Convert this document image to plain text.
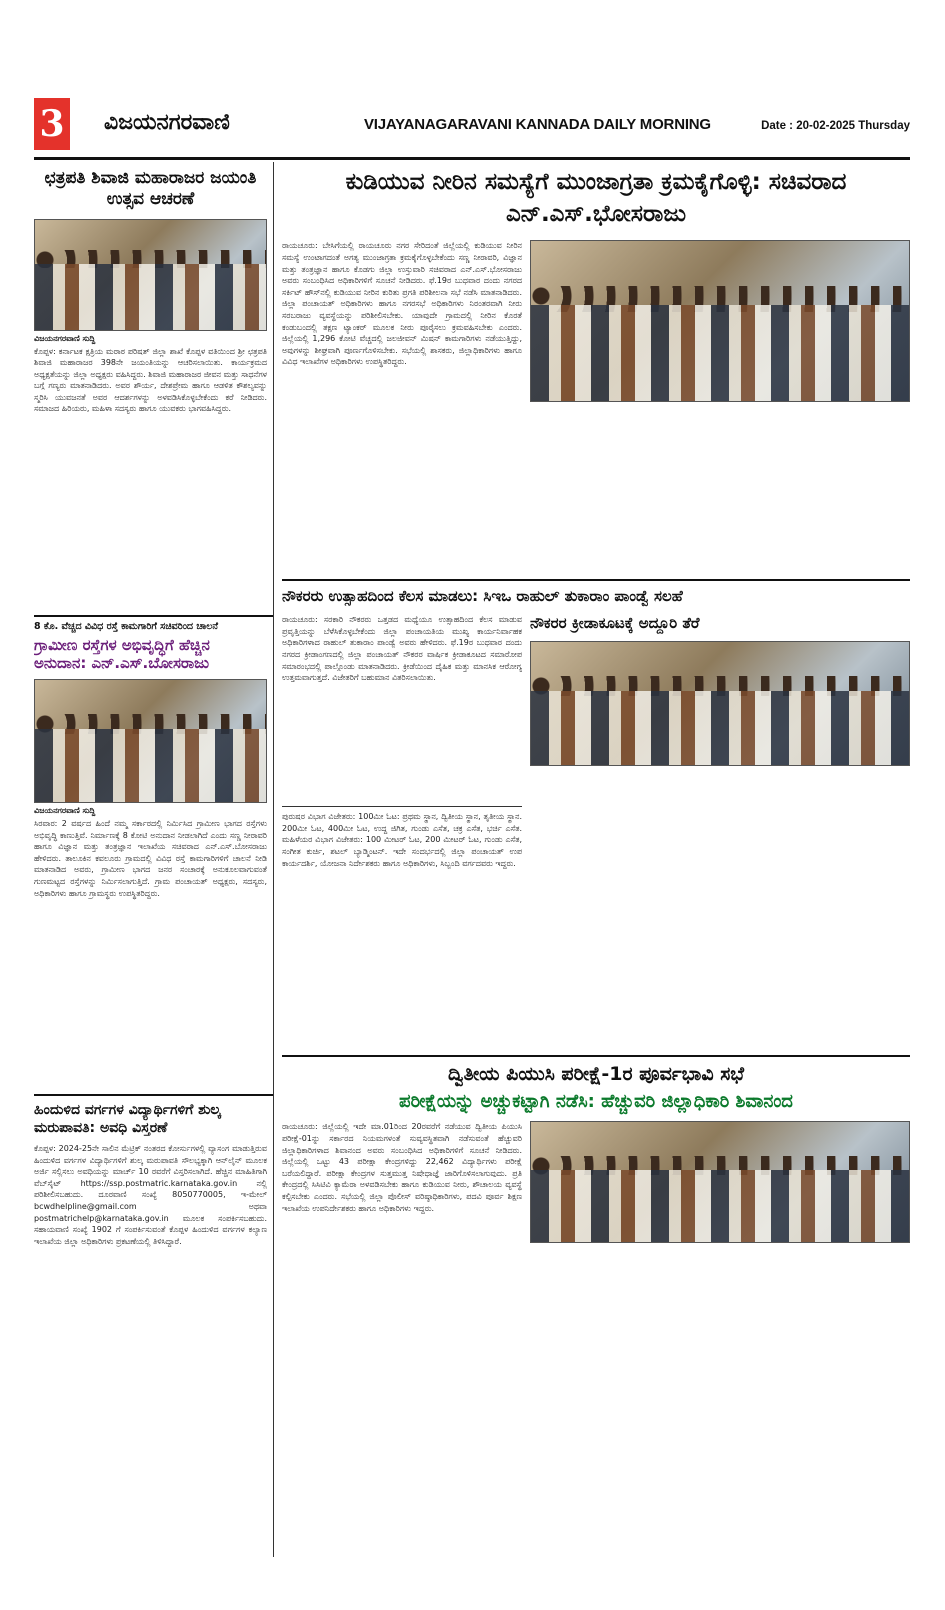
3 ವಿಜಯನಗರವಾಣಿ	VIJAYANAGARAVANI KANNADA DAILY MORNING	Date : 20-02-2025 Thursday
ಛತ್ರಪತಿ ಶಿವಾಜಿ ಮಹಾರಾಜರ ಜಯಂತಿ ಉತ್ಸವ ಆಚರಣೆ
ವಿಜಯನಗರವಾಣಿ ಸುದ್ದಿ

ಕೊಪ್ಪಳ: ಕರ್ನಾಟಕ ಕ್ಷತ್ರಿಯ ಮರಾಠ ಪರಿಷತ್ ಜಿಲ್ಲಾ ಶಾಖೆ ಕೊಪ್ಪಳ ವತಿಯಿಂದ ಶ್ರೀ ಛತ್ರಪತಿ ಶಿವಾಜಿ ಮಹಾರಾಜರ 398ನೇ ಜಯಂತಿಯನ್ನು ಆಚರಿಸಲಾಯಿತು. ಕಾರ್ಯಕ್ರಮದ ಅಧ್ಯಕ್ಷತೆಯನ್ನು ಜಿಲ್ಲಾ ಅಧ್ಯಕ್ಷರು ವಹಿಸಿದ್ದರು. ಶಿವಾಜಿ ಮಹಾರಾಜರ ಜೀವನ ಮತ್ತು ಸಾಧನೆಗಳ ಬಗ್ಗೆ ಗಣ್ಯರು ಮಾತನಾಡಿದರು. ಅವರ ಶೌರ್ಯ, ದೇಶಪ್ರೇಮ ಹಾಗೂ ಆಡಳಿತ ಕೌಶಲ್ಯವನ್ನು ಸ್ಮರಿಸಿ ಯುವಜನತೆ ಅವರ ಆದರ್ಶಗಳನ್ನು ಅಳವಡಿಸಿಕೊಳ್ಳಬೇಕೆಂದು ಕರೆ ನೀಡಿದರು. ಸಮಾಜದ ಹಿರಿಯರು, ಮಹಿಳಾ ಸದಸ್ಯರು ಹಾಗೂ ಯುವಕರು ಭಾಗವಹಿಸಿದ್ದರು.

8 ಕೊ. ವೆಚ್ಚದ ವಿವಿಧ ರಸ್ತೆ ಕಾಮಗಾರಿಗೆ ಸಚಿವರಿಂದ ಚಾಲನೆ
ಗ್ರಾಮೀಣ ರಸ್ತೆಗಳ ಅಭಿವೃದ್ಧಿಗೆ ಹೆಚ್ಚಿನ ಅನುದಾನ: ಎನ್.ಎಸ್.ಬೋಸರಾಜು
ವಿಜಯನಗರವಾಣಿ ಸುದ್ದಿ

ಸಿರವಾರ: 2 ವರ್ಷದ ಹಿಂದೆ ನಮ್ಮ ಸರ್ಕಾರದಲ್ಲಿ ನಿರ್ಮಿಸಿದ ಗ್ರಾಮೀಣ ಭಾಗದ ರಸ್ತೆಗಳು ಅಭಿವೃದ್ಧಿ ಕಾಣುತ್ತಿವೆ. ನಿರ್ಮಾಣಕ್ಕೆ 8 ಕೋಟಿ ಅನುದಾನ ನೀಡಲಾಗಿದೆ ಎಂದು ಸಣ್ಣ ನೀರಾವರಿ ಹಾಗೂ ವಿಜ್ಞಾನ ಮತ್ತು ತಂತ್ರಜ್ಞಾನ ಇಲಾಖೆಯ ಸಚಿವರಾದ ಎನ್.ಎಸ್.ಬೋಸರಾಜು ಹೇಳಿದರು. ತಾಲೂಕಿನ ಕವಲೂರು ಗ್ರಾಮದಲ್ಲಿ ವಿವಿಧ ರಸ್ತೆ ಕಾಮಗಾರಿಗಳಿಗೆ ಚಾಲನೆ ನೀಡಿ ಮಾತನಾಡಿದ ಅವರು, ಗ್ರಾಮೀಣ ಭಾಗದ ಜನರ ಸಂಚಾರಕ್ಕೆ ಅನುಕೂಲವಾಗುವಂತೆ ಗುಣಮಟ್ಟದ ರಸ್ತೆಗಳನ್ನು ನಿರ್ಮಿಸಲಾಗುತ್ತಿದೆ. ಗ್ರಾಮ ಪಂಚಾಯತ್ ಅಧ್ಯಕ್ಷರು, ಸದಸ್ಯರು, ಅಧಿಕಾರಿಗಳು ಹಾಗೂ ಗ್ರಾಮಸ್ಥರು ಉಪಸ್ಥಿತರಿದ್ದರು.

ಹಿಂದುಳಿದ ವರ್ಗಗಳ ವಿದ್ಯಾರ್ಥಿಗಳಿಗೆ ಶುಲ್ಕ ಮರುಪಾವತಿ: ಅವಧಿ ವಿಸ್ತರಣೆ

ಕೊಪ್ಪಳ: 2024-25ನೇ ಸಾಲಿನ ಮೆಟ್ರಿಕ್ ನಂತರದ ಕೋರ್ಸುಗಳಲ್ಲಿ ವ್ಯಾಸಂಗ ಮಾಡುತ್ತಿರುವ ಹಿಂದುಳಿದ ವರ್ಗಗಳ ವಿದ್ಯಾರ್ಥಿಗಳಿಗೆ ಶುಲ್ಕ ಮರುಪಾವತಿ ಸೌಲಭ್ಯಕ್ಕಾಗಿ ಆನ್‌ಲೈನ್ ಮೂಲಕ ಅರ್ಜಿ ಸಲ್ಲಿಸಲು ಅವಧಿಯನ್ನು ಮಾರ್ಚ್ 10 ರವರೆಗೆ ವಿಸ್ತರಿಸಲಾಗಿದೆ. ಹೆಚ್ಚಿನ ಮಾಹಿತಿಗಾಗಿ ವೆಬ್‌ಸೈಟ್ https://ssp.postmatric.karnataka.gov.in ನಲ್ಲಿ ಪರಿಶೀಲಿಸಬಹುದು. ದೂರವಾಣಿ ಸಂಖ್ಯೆ 8050770005, ಇ-ಮೇಲ್ bcwdhelpline@gmail.com ಅಥವಾ postmatrichelp@karnataka.gov.in ಮೂಲಕ ಸಂಪರ್ಕಿಸಬಹುದು. ಸಹಾಯವಾಣಿ ಸಂಖ್ಯೆ 1902 ಗೆ ಸಂಪರ್ಕಿಸುವಂತೆ ಕೊಪ್ಪಳ ಹಿಂದುಳಿದ ವರ್ಗಗಳ ಕಲ್ಯಾಣ ಇಲಾಖೆಯ ಜಿಲ್ಲಾ ಅಧಿಕಾರಿಗಳು ಪ್ರಕಟಣೆಯಲ್ಲಿ ತಿಳಿಸಿದ್ದಾರೆ.

ಕುಡಿಯುವ ನೀರಿನ ಸಮಸ್ಯೆಗೆ ಮುಂಜಾಗ್ರತಾ ಕ್ರಮಕೈಗೊಳ್ಳಿ: ಸಚಿವರಾದ ಎನ್.ಎಸ್.ಭೋಸರಾಜು

ರಾಯಚೂರು: ಬೇಸಿಗೆಯಲ್ಲಿ ರಾಯಚೂರು ನಗರ ಸೇರಿದಂತೆ ಜಿಲ್ಲೆಯಲ್ಲಿ ಕುಡಿಯುವ ನೀರಿನ ಸಮಸ್ಯೆ ಉಂಟಾಗದಂತೆ ಅಗತ್ಯ ಮುಂಜಾಗ್ರತಾ ಕ್ರಮಕೈಗೊಳ್ಳಬೇಕೆಂದು ಸಣ್ಣ ನೀರಾವರಿ, ವಿಜ್ಞಾನ ಮತ್ತು ತಂತ್ರಜ್ಞಾನ ಹಾಗೂ ಕೊಡಗು ಜಿಲ್ಲಾ ಉಸ್ತುವಾರಿ ಸಚಿವರಾದ ಎನ್.ಎಸ್.ಭೋಸರಾಜು ಅವರು ಸಂಬಂಧಿಸಿದ ಅಧಿಕಾರಿಗಳಿಗೆ ಸೂಚನೆ ನೀಡಿದರು. ಫೆ.19ರ ಬುಧವಾರ ದಂದು ನಗರದ ಸರ್ಕಿಟ್ ಹೌಸ್‌ನಲ್ಲಿ ಕುಡಿಯುವ ನೀರಿನ ಕುರಿತು ಪ್ರಗತಿ ಪರಿಶೀಲನಾ ಸಭೆ ನಡೆಸಿ ಮಾತನಾಡಿದರು. ಜಿಲ್ಲಾ ಪಂಚಾಯತ್ ಅಧಿಕಾರಿಗಳು ಹಾಗೂ ನಗರಸಭೆ ಅಧಿಕಾರಿಗಳು ನಿರಂತರವಾಗಿ ನೀರು ಸರಬರಾಜು ವ್ಯವಸ್ಥೆಯನ್ನು ಪರಿಶೀಲಿಸಬೇಕು. ಯಾವುದೇ ಗ್ರಾಮದಲ್ಲಿ ನೀರಿನ ಕೊರತೆ ಕಂಡುಬಂದಲ್ಲಿ ತಕ್ಷಣ ಟ್ಯಾಂಕರ್ ಮೂಲಕ ನೀರು ಪೂರೈಸಲು ಕ್ರಮವಹಿಸಬೇಕು ಎಂದರು. ಜಿಲ್ಲೆಯಲ್ಲಿ 1,296 ಕೋಟಿ ವೆಚ್ಚದಲ್ಲಿ ಜಲಜೀವನ್ ಮಿಷನ್ ಕಾಮಗಾರಿಗಳು ನಡೆಯುತ್ತಿದ್ದು, ಅವುಗಳನ್ನು ಶೀಘ್ರವಾಗಿ ಪೂರ್ಣಗೊಳಿಸಬೇಕು. ಸಭೆಯಲ್ಲಿ ಶಾಸಕರು, ಜಿಲ್ಲಾಧಿಕಾರಿಗಳು ಹಾಗೂ ವಿವಿಧ ಇಲಾಖೆಗಳ ಅಧಿಕಾರಿಗಳು ಉಪಸ್ಥಿತರಿದ್ದರು.

ನೌಕರರು ಉತ್ಸಾಹದಿಂದ ಕೆಲಸ ಮಾಡಲು: ಸಿಇಒ ರಾಹುಲ್ ತುಕಾರಾಂ ಪಾಂಡ್ವೆ ಸಲಹೆ

ರಾಯಚೂರು: ಸರಕಾರಿ ನೌಕರರು ಒತ್ತಡದ ಮಧ್ಯೆಯೂ ಉತ್ಸಾಹದಿಂದ ಕೆಲಸ ಮಾಡುವ ಪ್ರವೃತ್ತಿಯನ್ನು ಬೆಳೆಸಿಕೊಳ್ಳಬೇಕೆಂದು ಜಿಲ್ಲಾ ಪಂಚಾಯತಿಯ ಮುಖ್ಯ ಕಾರ್ಯನಿರ್ವಾಹಕ ಅಧಿಕಾರಿಗಳಾದ ರಾಹುಲ್ ತುಕಾರಾಂ ಪಾಂಡ್ವೆ ಅವರು ಹೇಳಿದರು. ಫೆ.19ರ ಬುಧವಾರ ದಂದು ನಗರದ ಕ್ರೀಡಾಂಗಣದಲ್ಲಿ ಜಿಲ್ಲಾ ಪಂಚಾಯತ್ ನೌಕರರ ವಾರ್ಷಿಕ ಕ್ರೀಡಾಕೂಟದ ಸಮಾರೋಪ ಸಮಾರಂಭದಲ್ಲಿ ಪಾಲ್ಗೊಂಡು ಮಾತನಾಡಿದರು. ಕ್ರೀಡೆಯಿಂದ ದೈಹಿಕ ಮತ್ತು ಮಾನಸಿಕ ಆರೋಗ್ಯ ಉತ್ತಮವಾಗುತ್ತದೆ. ವಿಜೇತರಿಗೆ ಬಹುಮಾನ ವಿತರಿಸಲಾಯಿತು.

ಪುರುಷರ ವಿಭಾಗ ವಿಜೇತರು: 100ಮೀ ಓಟ: ಪ್ರಥಮ ಸ್ಥಾನ, ದ್ವಿತೀಯ ಸ್ಥಾನ, ತೃತೀಯ ಸ್ಥಾನ. 200ಮೀ ಓಟ, 400ಮೀ ಓಟ, ಉದ್ದ ಜಿಗಿತ, ಗುಂಡು ಎಸೆತ, ಚಕ್ರ ಎಸೆತ, ಭರ್ಚಿ ಎಸೆತ. ಮಹಿಳೆಯರ ವಿಭಾಗ ವಿಜೇತರು: 100 ಮೀಟರ್ ಓಟ, 200 ಮೀಟರ್ ಓಟ, ಗುಂಡು ಎಸೆತ, ಸಂಗೀತ ಕುರ್ಚಿ, ಶಟಲ್ ಬ್ಯಾಡ್ಮಿಂಟನ್. ಇದೇ ಸಂದರ್ಭದಲ್ಲಿ ಜಿಲ್ಲಾ ಪಂಚಾಯತ್ ಉಪ ಕಾರ್ಯದರ್ಶಿ, ಯೋಜನಾ ನಿರ್ದೇಶಕರು ಹಾಗೂ ಅಧಿಕಾರಿಗಳು, ಸಿಬ್ಬಂದಿ ವರ್ಗದವರು ಇದ್ದರು.

ನೌಕರರ ಕ್ರೀಡಾಕೂಟಕ್ಕೆ ಅದ್ದೂರಿ ತೆರೆ
ದ್ವಿತೀಯ ಪಿಯುಸಿ ಪರೀಕ್ಷೆ-1ರ ಪೂರ್ವಭಾವಿ ಸಭೆ
ಪರೀಕ್ಷೆಯನ್ನು ಅಚ್ಚುಕಟ್ಟಾಗಿ ನಡೆಸಿ: ಹೆಚ್ಚುವರಿ ಜಿಲ್ಲಾಧಿಕಾರಿ ಶಿವಾನಂದ

ರಾಯಚೂರು: ಜಿಲ್ಲೆಯಲ್ಲಿ ಇದೇ ಮಾ.01ರಿಂದ 20ರವರೆಗೆ ನಡೆಯುವ ದ್ವಿತೀಯ ಪಿಯುಸಿ ಪರೀಕ್ಷೆ-01ನ್ನು ಸರ್ಕಾರದ ನಿಯಮಗಳಂತೆ ಸುವ್ಯವಸ್ಥಿತವಾಗಿ ನಡೆಸುವಂತೆ ಹೆಚ್ಚುವರಿ ಜಿಲ್ಲಾಧಿಕಾರಿಗಳಾದ ಶಿವಾನಂದ ಅವರು ಸಂಬಂಧಿಸಿದ ಅಧಿಕಾರಿಗಳಿಗೆ ಸೂಚನೆ ನೀಡಿದರು. ಜಿಲ್ಲೆಯಲ್ಲಿ ಒಟ್ಟು 43 ಪರೀಕ್ಷಾ ಕೇಂದ್ರಗಳಿದ್ದು 22,462 ವಿದ್ಯಾರ್ಥಿಗಳು ಪರೀಕ್ಷೆ ಬರೆಯಲಿದ್ದಾರೆ. ಪರೀಕ್ಷಾ ಕೇಂದ್ರಗಳ ಸುತ್ತಮುತ್ತ ನಿಷೇಧಾಜ್ಞೆ ಜಾರಿಗೊಳಿಸಲಾಗುವುದು. ಪ್ರತಿ ಕೇಂದ್ರದಲ್ಲಿ ಸಿಸಿಟಿವಿ ಕ್ಯಾಮೆರಾ ಅಳವಡಿಸಬೇಕು ಹಾಗೂ ಕುಡಿಯುವ ನೀರು, ಶೌಚಾಲಯ ವ್ಯವಸ್ಥೆ ಕಲ್ಪಿಸಬೇಕು ಎಂದರು. ಸಭೆಯಲ್ಲಿ ಜಿಲ್ಲಾ ಪೊಲೀಸ್ ವರಿಷ್ಠಾಧಿಕಾರಿಗಳು, ಪದವಿ ಪೂರ್ವ ಶಿಕ್ಷಣ ಇಲಾಖೆಯ ಉಪನಿರ್ದೇಶಕರು ಹಾಗೂ ಅಧಿಕಾರಿಗಳು ಇದ್ದರು.
